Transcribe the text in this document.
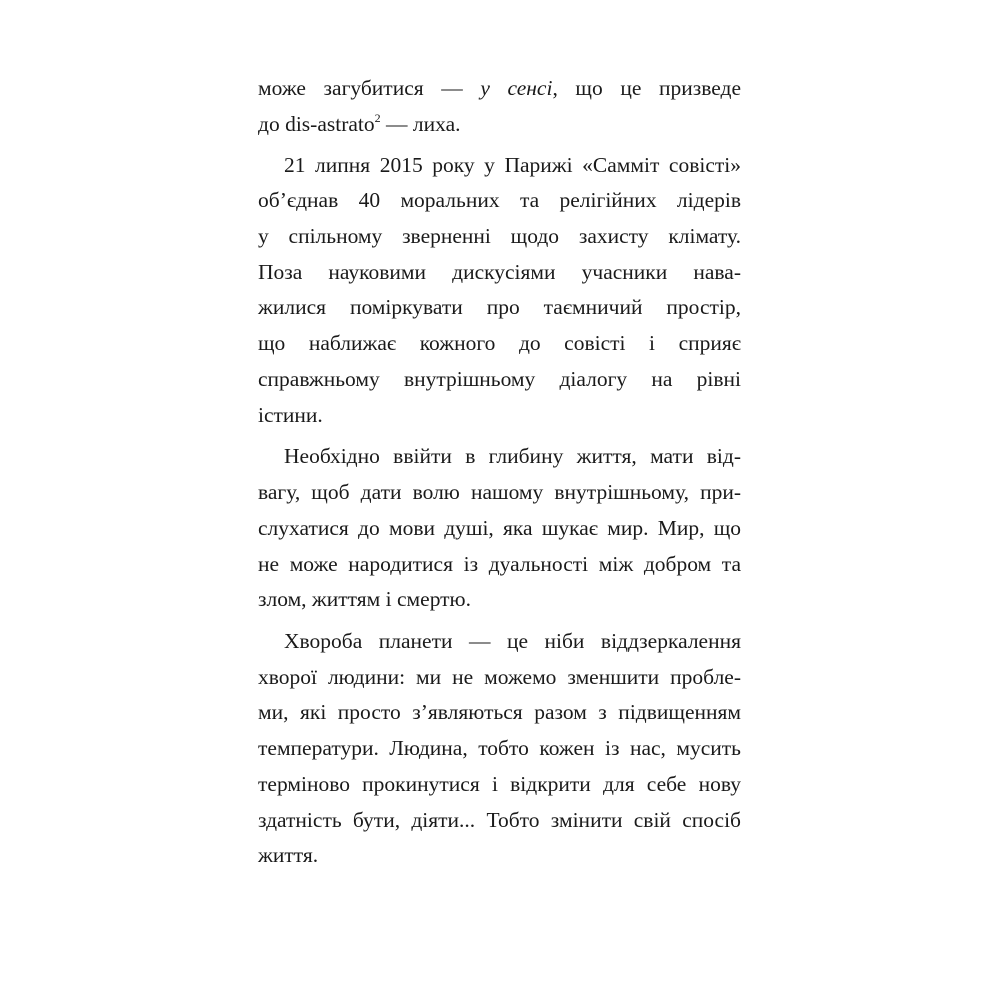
може загубитися — у сенсі, що це призведе
до dis-astrato$^2$ — лиха.
21 липня 2015 року у Парижі «Самміт совісті»
об’єднав 40 моральних та релігійних лідерів
у спільному зверненні щодо захисту клімату.
Поза науковими дискусіями учасники нава-
жилися поміркувати про таємничий простір,
що наближає кожного до совісті і сприяє
справжньому внутрішньому діалогу на рівні
істини.
Необхідно ввійти в глибину життя, мати від-
вагу, щоб дати волю нашому внутрішньому, при-
слухатися до мови душі, яка шукає мир. Мир, що
не може народитися із дуальності між добром та
злом, життям і смертю.
Хвороба планети — це ніби віддзеркалення
хворої людини: ми не можемо зменшити пробле-
ми, які просто з’являються разом з підвищенням
температури. Людина, тобто кожен із нас, мусить
терміново прокинутися і відкрити для себе нову
здатність бути, діяти... Тобто змінити свій спосіб
життя.
